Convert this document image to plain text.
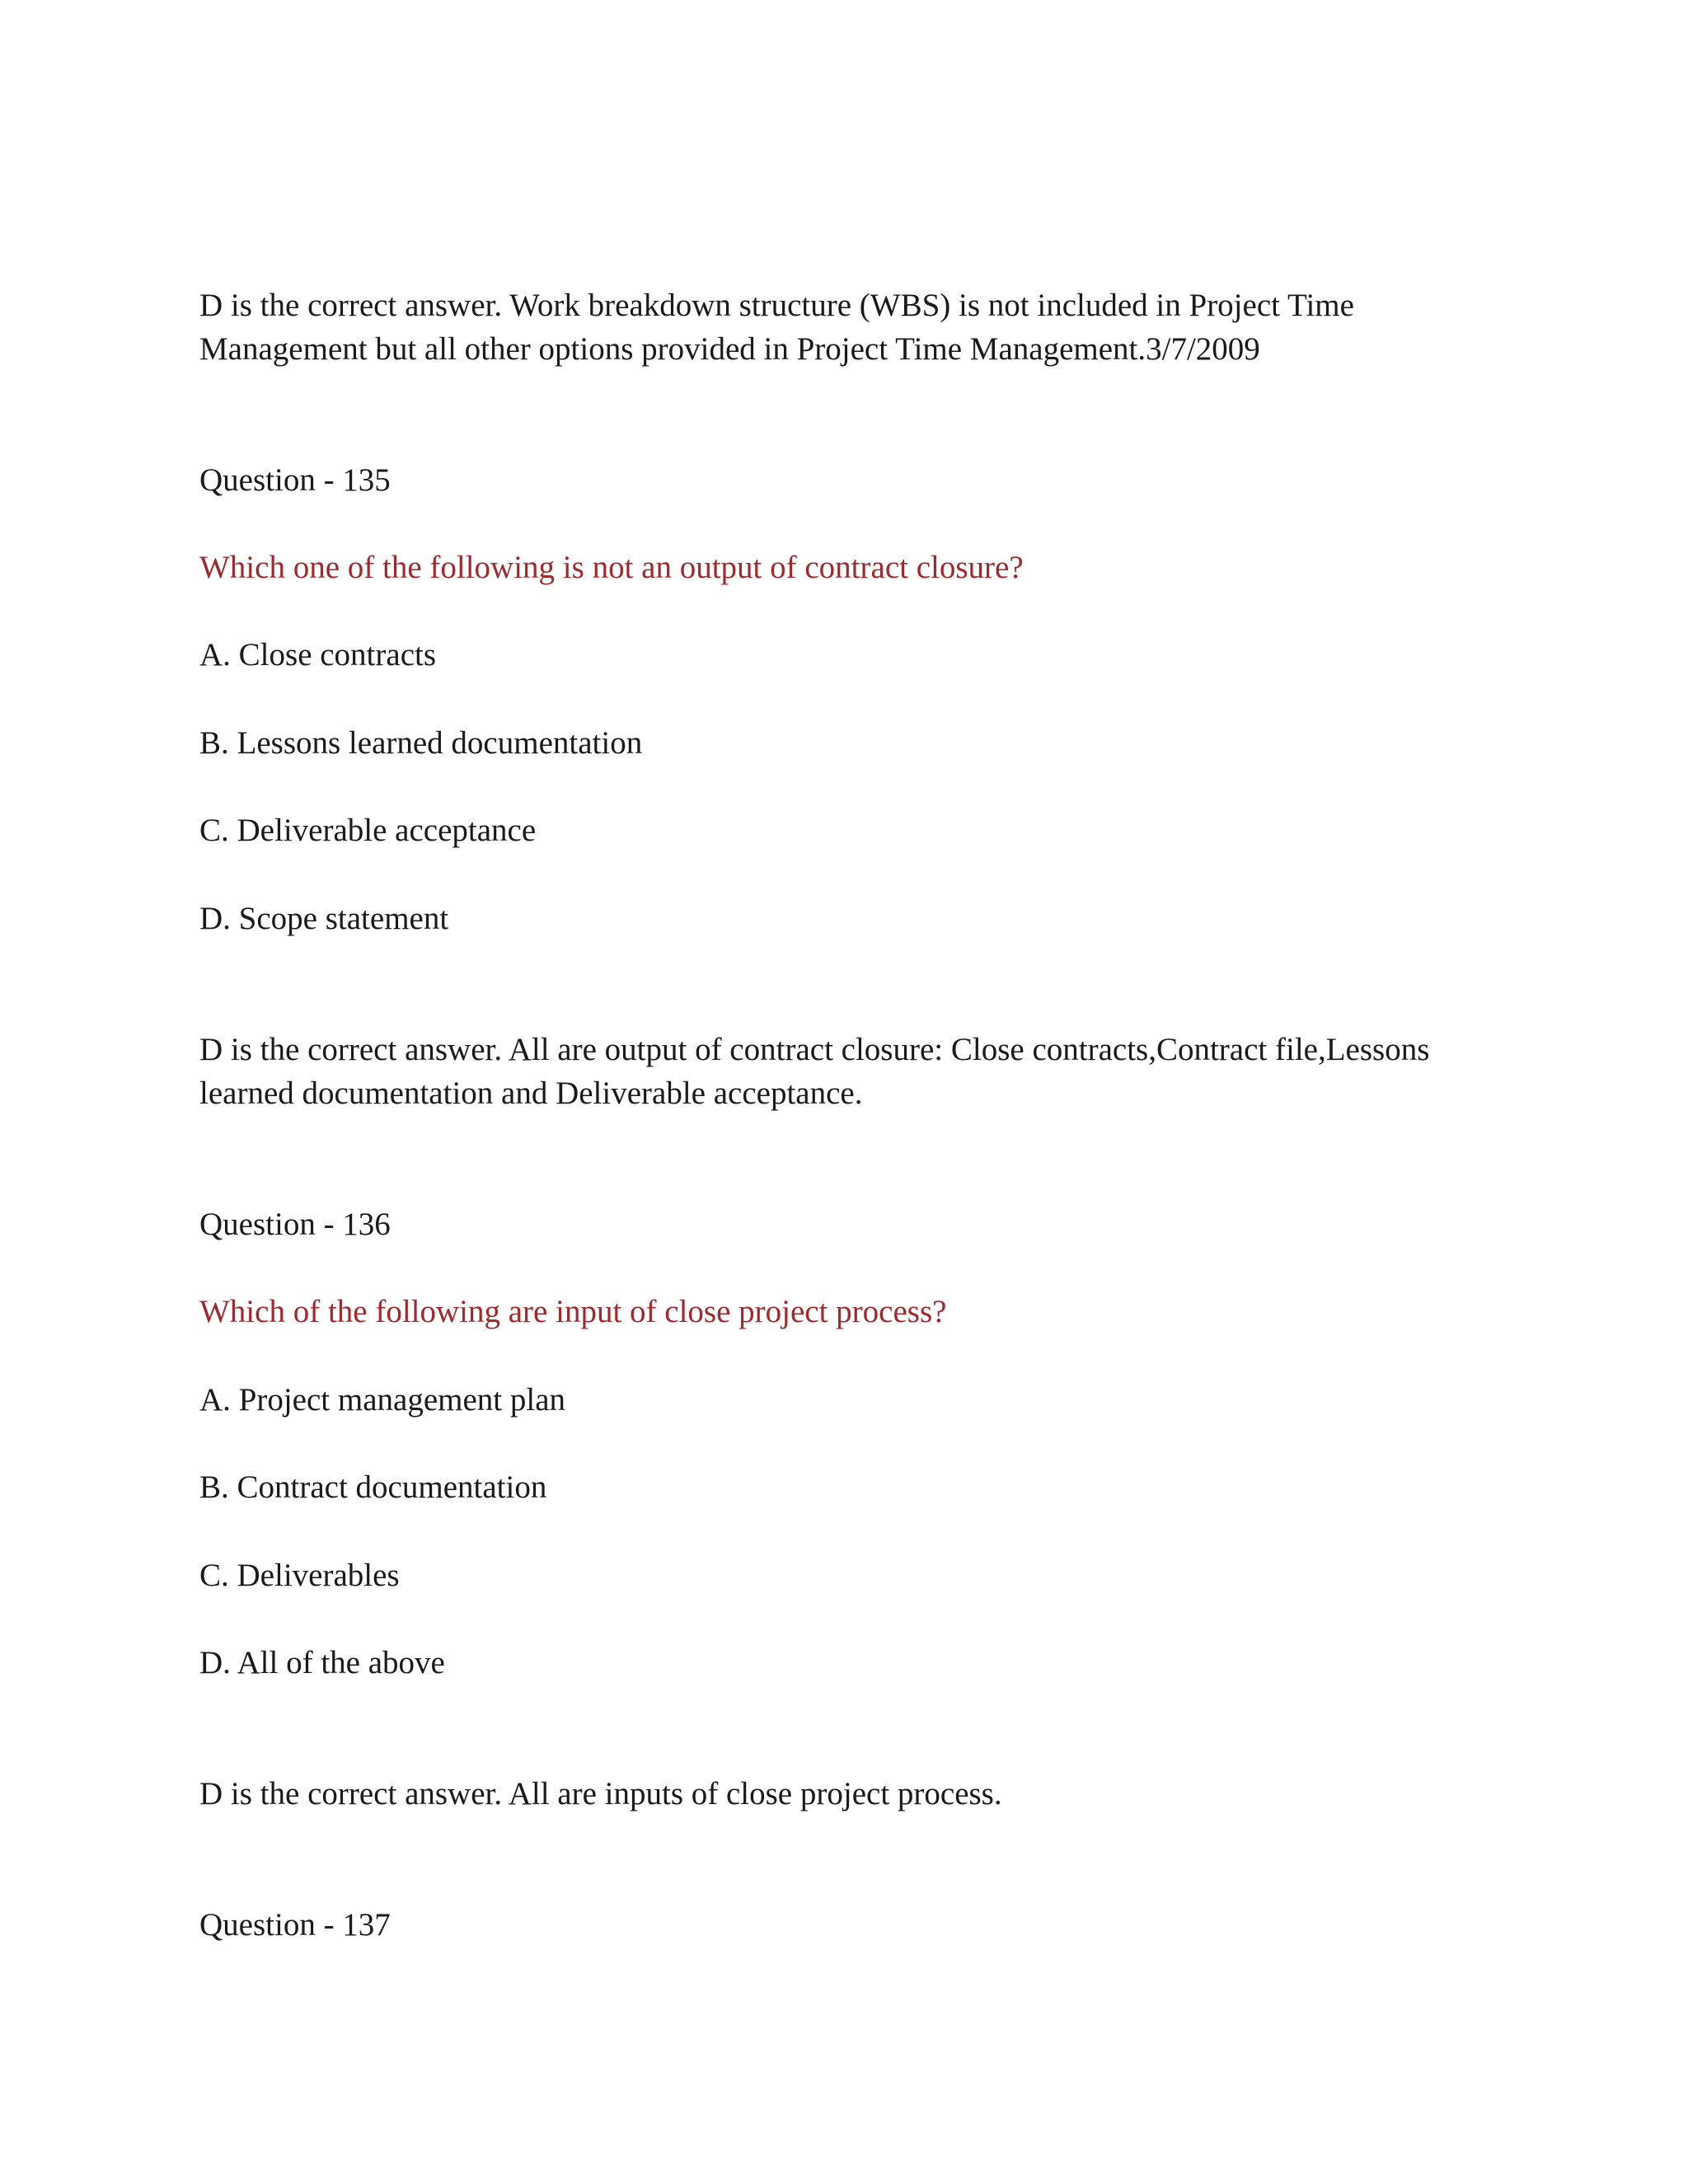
D is the correct answer. Work breakdown structure (WBS) is not included in Project Time
Management but all other options provided in Project Time Management.3/7/2009
Question - 135
Which one of the following is not an output of contract closure?
A. Close contracts
B. Lessons learned documentation
C. Deliverable acceptance
D. Scope statement
D is the correct answer. All are output of contract closure: Close contracts,Contract file,Lessons
learned documentation and Deliverable acceptance.
Question - 136
Which of the following are input of close project process?
A. Project management plan
B. Contract documentation
C. Deliverables
D. All of the above
D is the correct answer. All are inputs of close project process.
Question - 137
